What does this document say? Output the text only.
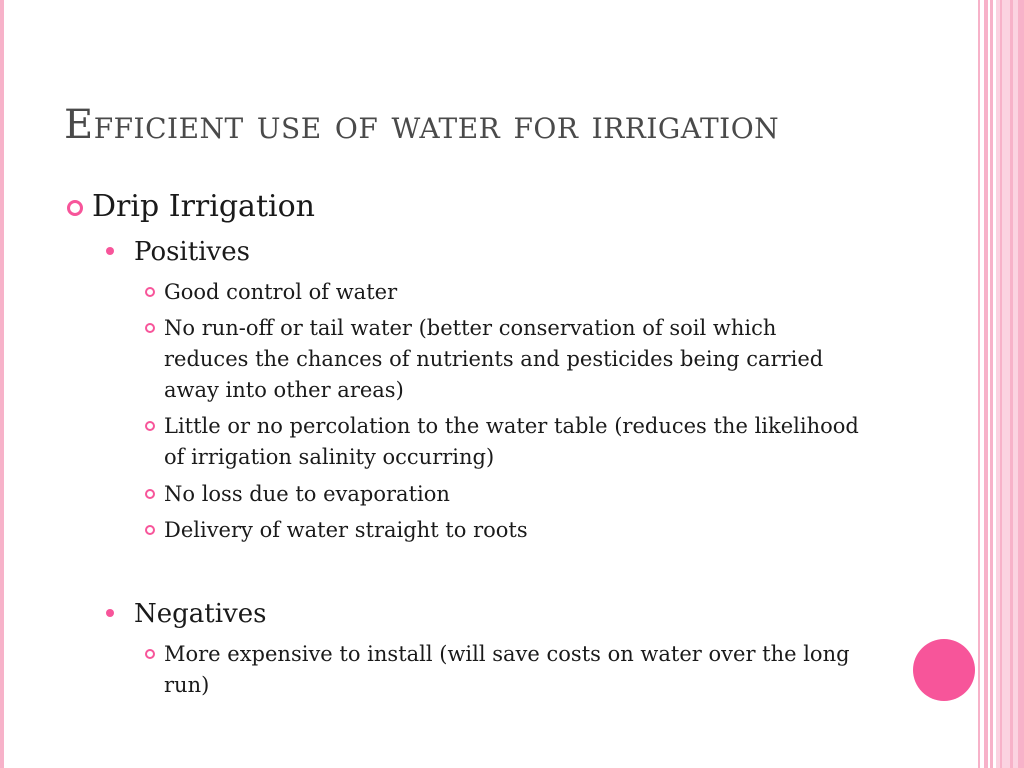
Efficient use of water for irrigation
Drip Irrigation
Positives
Good control of water
No run-off or tail water (better conservation of soil which reduces the chances of nutrients and pesticides being carried away into other areas)
Little or no percolation to the water table (reduces the likelihood of irrigation salinity occurring)
No loss due to evaporation
Delivery of water straight to roots
Negatives
More expensive to install (will save costs on water over the long run)
